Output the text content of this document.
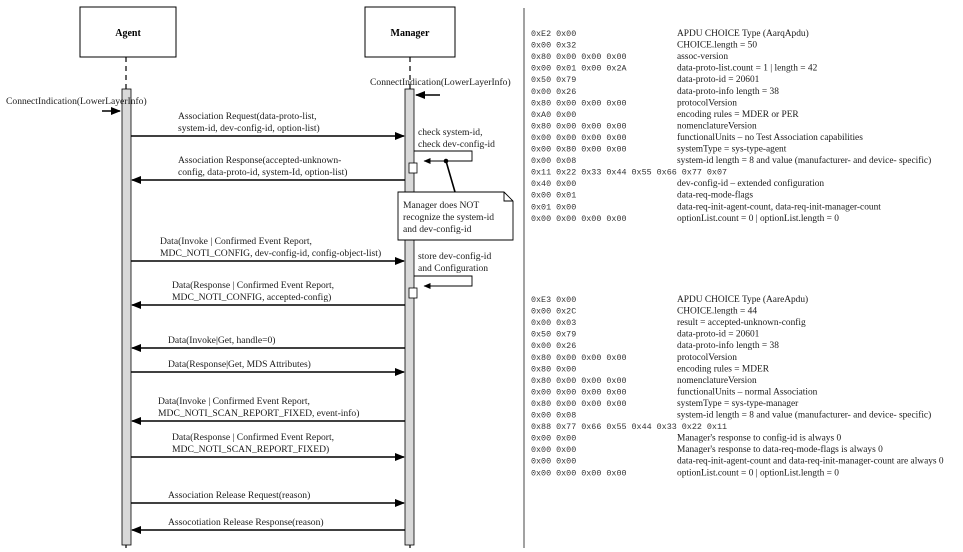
Agent	Manager
ConnectIndication(LowerLayerInfo)
ConnectIndication(LowerLayerInfo)
check system-id,
check dev-config-id
Manager does NOT
recognize the system-id
and dev-config-id
store dev-config-id
and Configuration
Association Request(data-proto-list,
system-id, dev-config-id, option-list)
Association Response(accepted-unknown-
config, data-proto-id, system-Id, option-list)
Data(Invoke | Confirmed Event Report,
MDC_NOTI_CONFIG, dev-config-id, config-object-list)
Data(Response | Confirmed Event Report,
MDC_NOTI_CONFIG, accepted-config)
Data(Invoke|Get, handle=0)
Data(Response|Get, MDS Attributes)
Data(Invoke | Confirmed Event Report,
MDC_NOTI_SCAN_REPORT_FIXED, event-info)
Data(Response | Confirmed Event Report,
MDC_NOTI_SCAN_REPORT_FIXED)
Association Release Request(reason)
Assocotiation Release Response(reason)
0xE2 0x00	APDU CHOICE Type (AarqApdu)
0x00 0x32	CHOICE.length = 50
0x80 0x00 0x00 0x00	assoc-version
0x00 0x01 0x00 0x2A	data-proto-list.count = 1 | length = 42
0x50 0x79	data-proto-id = 20601
0x00 0x26	data-proto-info length = 38
0x80 0x00 0x00 0x00	protocolVersion
0xA0 0x00	encoding rules = MDER or PER
0x80 0x00 0x00 0x00	nomenclatureVersion
0x00 0x00 0x00 0x00	functionalUnits – no Test Association capabilities
0x00 0x80 0x00 0x00	systemType = sys-type-agent
0x00 0x08	system-id length = 8 and value (manufacturer- and device- specific)
0x11 0x22 0x33 0x44 0x55 0x66 0x77 0x07
0x40 0x00	dev-config-id – extended configuration
0x00 0x01	data-req-mode-flags
0x01 0x00	data-req-init-agent-count, data-req-init-manager-count
0x00 0x00 0x00 0x00	optionList.count = 0 | optionList.length = 0
0xE3 0x00	APDU CHOICE Type (AareApdu)
0x00 0x2C	CHOICE.length = 44
0x00 0x03	result = accepted-unknown-config
0x50 0x79	data-proto-id = 20601
0x00 0x26	data-proto-info length = 38
0x80 0x00 0x00 0x00	protocolVersion
0x80 0x00	encoding rules = MDER
0x80 0x00 0x00 0x00	nomenclatureVersion
0x00 0x00 0x00 0x00	functionalUnits – normal Association
0x80 0x00 0x00 0x00	systemType = sys-type-manager
0x00 0x08	system-id length = 8 and value (manufacturer- and device- specific)
0x88 0x77 0x66 0x55 0x44 0x33 0x22 0x11
0x00 0x00	Manager's response to config-id is always 0
0x00 0x00	Manager's response to data-req-mode-flags is always 0
0x00 0x00	data-req-init-agent-count and data-req-init-manager-count are always 0
0x00 0x00 0x00 0x00	optionList.count = 0 | optionList.length = 0
